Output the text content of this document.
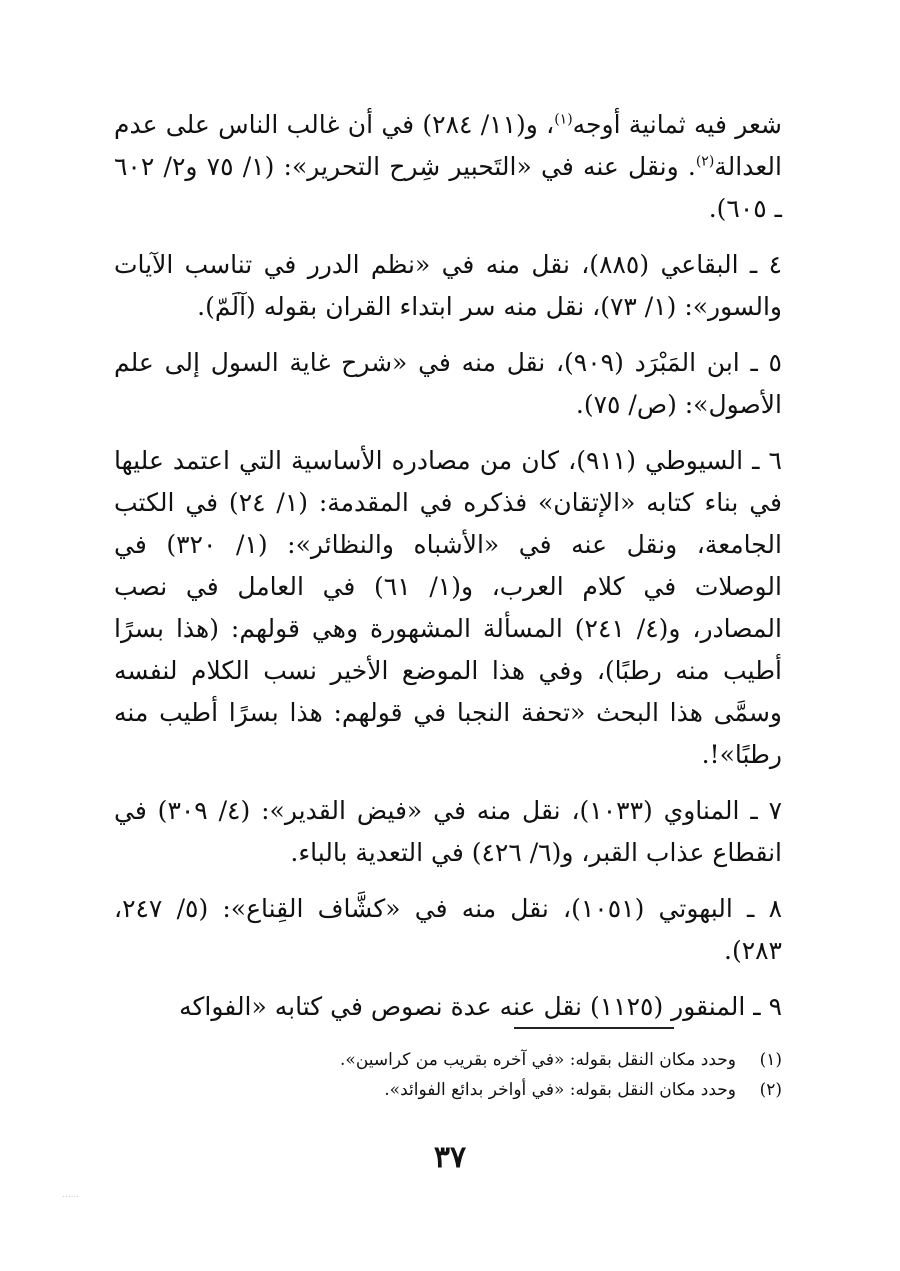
شعر فيه ثمانية أوجه$^{(١)}$، و(١١/ ٢٨٤) في أن غالب الناس على عدم العدالة$^{(٢)}$. ونقل عنه في «التَحبير شِرح التحرير»: (١/ ٧٥ و٢/ ٦٠٢ ـ ٦٠٥).

٤ ـ البقاعي (٨٨٥)، نقل منه في «نظم الدرر في تناسب الآيات والسور»: (١/ ٧٣)، نقل منه سر ابتداء القران بقوله (آلَمّ).

٥ ـ ابن المَبْرَد (٩٠٩)، نقل منه في «شرح غاية السول إلى علم الأصول»: (ص/ ٧٥).

٦ ـ السيوطي (٩١١)، كان من مصادره الأساسية التي اعتمد عليها في بناء كتابه «الإتقان» فذكره في المقدمة: (١/ ٢٤) في الكتب الجامعة، ونقل عنه في «الأشباه والنظائر»: (١/ ٣٢٠) في الوصلات في كلام العرب، و(١/ ٦١) في العامل في نصب المصادر، و(٤/ ٢٤١) المسألة المشهورة وهي قولهم: (هذا بسرًا أطيب منه رطبًا)، وفي هذا الموضع الأخير نسب الكلام لنفسه وسمَّى هذا البحث «تحفة النجبا في قولهم: هذا بسرًا أطيب منه رطبًا»!.

٧ ـ المناوي (١٠٣٣)، نقل منه في «فيض القدير»: (٤/ ٣٠٩) في انقطاع عذاب القبر، و(٦/ ٤٢٦) في التعدية بالباء.

٨ ـ البهوتي (١٠٥١)، نقل منه في «كشَّاف القِناع»: (٥/ ٢٤٧، ٢٨٣).

٩ ـ المنقور (١١٢٥) نقل عنه عدة نصوص في كتابه «الفواكه

(١)
وحدد مكان النقل بقوله: «في آخره بقريب من كراسين».
(٢)
وحدد مكان النقل بقوله: «في أواخر بدائع الفوائد».
٣٧
......
